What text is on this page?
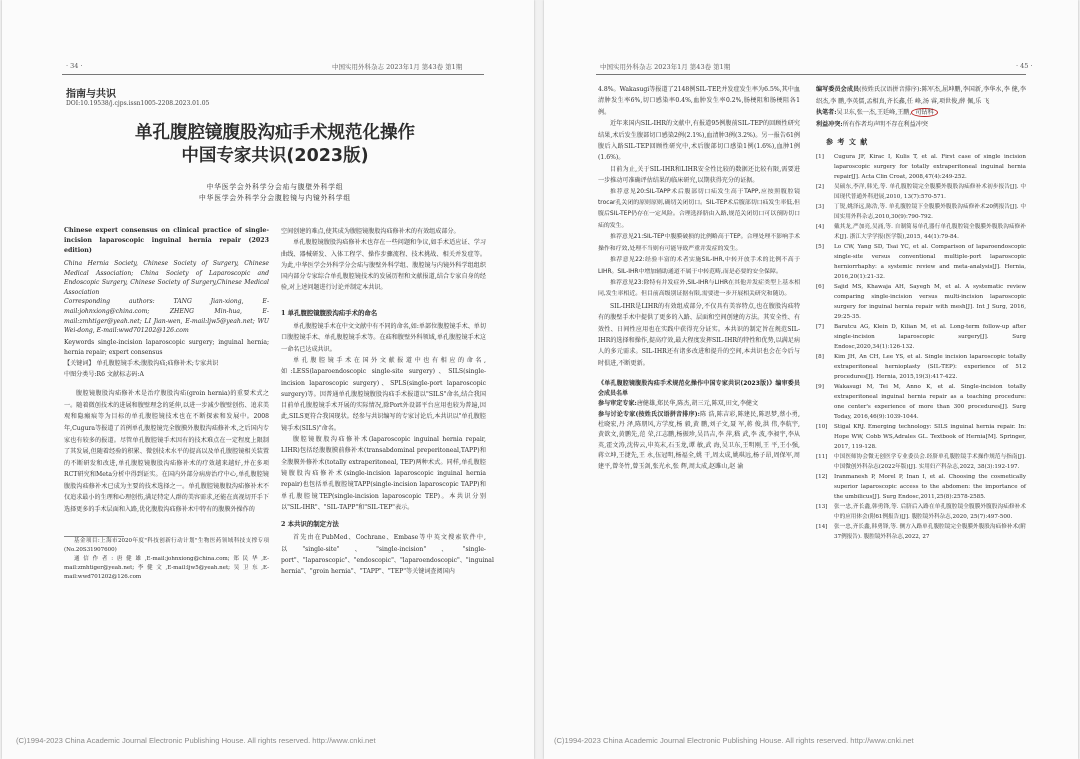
· 34 ·	中国实用外科杂志 2023年1月 第43卷 第1期
指南与共识
DOI:10.19538/j.cjps.issn1005-2208.2023.01.05
单孔腹腔镜腹股沟疝手术规范化操作
中国专家共识(2023版)
中华医学会外科学分会疝与腹壁外科学组
中华医学会外科学分会腹腔镜与内镜外科学组
Chinese expert consensus on clinical practice of single-incision laparoscopic inguinal hernia repair (2023 edition)
China Hernia Society, Chinese Society of Surgery, Chinese Medical Association; China Society of Laparoscopic and Endoscopic Surgery, Chinese Society of Surgery,Chinese Medical Association
Corresponding authors: TANG Jian-xiong, E-mail:johnxiong@china.com; ZHENG Min-hua, E-mail:zmhtiger@yeah.net; LI Jian-wen, E-mail:ljw5@yeah.net; WU Wei-dong, E-mail:wwd701202@126.com
Keywords single-incision laparoscopic surgery; inguinal hernia; hernia repair; expert consensus
【关键词】 单孔腹腔镜手术;腹股沟疝;疝修补术;专家共识
中图分类号:R6 文献标志码:A
腹腔镜腹股沟疝修补术是治疗腹股沟疝(groin hernia)的重要术式之一。随着微创技术的进展和腹壁理念的延伸,以进一步减少腹壁创伤、追求美观和隐瘢痕等为目标的单孔腹腔镜技术也在不断探索和发展中。2008年,Cugura等报道了首例单孔腹腔镜完全腹膜外腹股沟疝修补术,之后国内专家也有较多的报道。尽管单孔腹腔镜手术因有的技术难点在一定程度上限制了其发展,但随着经验的积累、微创技术水平的提高以及单孔腹腔镜相关装置的不断研发和改进,单孔腹腔镜腹股沟疝修补术的疗效越来越好,并在多项RCT研究和Meta分析中得到证实。在国内外部分病房治疗中心,单孔腹腔镜腹股沟疝修补术已成为主要的技术选择之一。单孔腹腔镜腹股沟疝修补术不仅追求最小的生理和心理创伤,满足特定人群的美容需求,还能在真视切开手下选择更多的手术层面和入路,优化腹股沟疝修补术中特有的腹膜外操作的
基金项目:上海市2020年度"科技创新行动计划"生物医药领域科技支撑专项(No.20S31907600)
通信作者:唐健雄,E-mail:johnxiong@china.com;郑民华,E-mail:zmhtiger@yeah.net;李健文,E-mail:ljw5@yeah.net;吴卫东,E-mail:wwd701202@126.com
空间创建的难点,使其成为腹腔镜腹股沟疝修补术的有效组成部分。
单孔腹腔镜腹股沟疝修补术也存在一些问题和争议,如手术适应证、学习曲线、器械研发、入体工程学、操作步骤流程、技术挑战、相关并发症等。为此,中华医学会外科学分会疝与腹壁外科学组、腹腔镜与内镜外科学组组织国内部分专家综合单孔腹腔镜技术的发展历程和文献报道,结合专家自身的经验,对上述问题进行讨论并制定本共识。
1 单孔腹腔镜腹股沟疝手术的命名
单孔腹腔镜手术在中文文献中有不同的命名,如:单部位腹腔镜手术、单切口腹腔镜手术、单孔腹腔镜手术等。在疝和腹壁外科领域,单孔腹腔镜手术这一命名已达成共识。
单孔腹腔镜手术在国外文献报道中也有相应的命名,如:LESS(laparoendoscopic single-site surgery)、SILS(single-incision laparoscopic surgery)、SPLS(single-port laparoscopic surgery)等。因普通单孔腹腔镜腹股沟疝手术报道以"SILS"命名,结合我国目前单孔腹腔镜手术开展的实际情况,除Port外设部平台应用也较为普遍,因此,SILS更符合我国现状。经参与共识编写的专家讨论后,本共识以"单孔腹腔镜手术(SILS)"命名。
腹腔镜腹股沟疝修补术(laparoscopic inguinal hernia repair, LIHR)包括经腹腹膜前修补术(transabdominal preperitoneal,TAPP)和全腹膜外修补术(totally extraperitoneal, TEP)两种术式。同样,单孔腹腔镜腹股沟疝修补术(single-incision laparoscopic inguinal hernia repair)也包括单孔腹腔镜TAPP(single-incision laparoscopic TAPP)和单孔腹腔镜TEP(single-incision laparoscopic TEP)。本共识分别以"SIL-IHR"、"SIL-TAPP"和"SIL-TEP"表示。
2 本共识的制定方法
首先由在PubMed、Cochrane、Embase等中英文搜索软件中,以"single-site"、"single-incision"、"single-port"、"laparoscopic"、"endoscopic"、"laparoendoscopic"、"inguinal hernia"、"groin hernia"、"TAPP"、"TEP"等关键词查阅国内
(C)1994-2023 China Academic Journal Electronic Publishing House. All rights reserved. http://www.cnki.net
中国实用外科杂志 2023年1月 第43卷 第1期	· 45 ·
4.8%。Wakasugi等报道了2148例SIL-TEP,并发症发生率为6.5%,其中血清肿发生率6%,切口感染率0.4%,血肿发生率0.2%,肠梗阻和肠梗阻各1例。
近年来国内SIL-IHR的文献中,有报道95例腹前SIL-TEP的回顾性研究结果,术后发生腹部切口感染2例(2.1%),血清肿3例(3.2%)。另一报告61例腹后入路SIL-TEP回顾性研究中,术后腹部切口感染1例(1.6%),血肿1例(1.6%)。
目前为止,关于SIL-IHR和LIHR安全性比较的数据还比较有限,需要进一步推动可准确评估结果的临床研究,以期获得充分的证据。
推荐意见20:SIL-TAPP术后腹部切口疝发生高于TAPP,应按照腹腔镜trocar孔关闭的原则原则,确切关闭切口。SIL-TEP术后腹部切口疝发生率低,但腹后SIL-TEP仍存在一定风险。合理选择脐由入路,规范关闭切口可以预防切口疝的发生。
推荐意见21:SIL-TEP中腹膜破损的比例略高于TEP。合理处理不影响手术操作和疗效,处理不当则有可能导致严重并发症的发生。
推荐意见22:经验丰富的术者实施SIL-IHR,中转开放手术的比例不高于LIHR。SIL-IHR中增加辅助通道不属于中转范畴,而是必要的安全保障。
推荐意见23:除特有并发症外,SIL-IHR与LIHR在其他并发症类型上基本相同,发生率相近。但目前高级别证据有限,需要进一步开展相关研究和随访。
SIL-IHR是LIHR的有效组成部分,不仅具有美容特点,也在腹股沟疝特有的腹壁手术中提供了更多的入路、层面和空间创建的方法。其安全性、有效性、日间性应用也在实践中获得充分证实。本共识的制定旨在规范SIL-IHR的选择和操作,提高疗效,最大程度发挥SIL-IHR的特性和优势,以满足病人的多元需求。SIL-IHR还有诸多改进和提升的空间,本共识也会在今后与时俱进,不断更新。
《单孔腹腔镜腹股沟疝手术规范化操作中国专家共识(2023版)》编审委员会成员名单
参与审定专家:唐健雄,郑民华,陈杰,胡三元,陈双,田文,李健文
参与讨论专家(按姓氏汉语拼音排序):陈 浩,陈吉彩,陈建民,陈思梦,蔡小勇,杜晓宏,丹 泽,陈朋风,方学度,杨 毅,黄 鹏,刘子文,聂 军,蒋 俊,洪 伟,李航宇,黄欲文,黄鹏先,范 荣,江志鹏,杨振珍,吴昌吉,李 萍,嵇 武,李 波,李昶宇,李从英,霍文涛,沈传云,申英末,石玉龙,谭 敏,武 海,吴卫东,王明刚,王 平,王小强,蒋立坤,王捷先,王 永,伍冠明,杨福全,姚 干,周太成,姚琪远,杨子昂,周保军,周建平,曾冬竹,曾玉剑,张光永,张 辉,周太成,赵雎山,赵 渝
编写委员会成员(按姓氏汉语拼音排序):陈军杰,屈坤鹏,李国新,李华水,李 健,李绍杰,李 鹏,李英儒,孟相真,齐长鑫,任 峰,汤 睿,项世俊,薛 佩,乐 飞
执笔者:吴卫东,张一杰,王廷峰,王鹏, 司钻科
利益冲突:所有作者均声明不存在利益冲突
参 考 文 献
[1]	Cugura JF, Kirac I, Kulis T, et al. First case of single incision laparoscopic surgery for totally extraperitoneal inguinal hernia repair[J]. Acta Clin Croat, 2008,47(4):249-252.
[2]	吴硕东,李洋,韩光,等. 单孔腹腔镜完全腹膜外腹股沟疝修补术初步报告[J]. 中国现代普通外科进展,2010, 13(7):570-571.
[3]	丁锐,姚泽远,陈浩,等. 单孔腹腔镜下全腹膜外腹股沟疝修补术20例报告[J]. 中国实用外科杂志,2010,30(9):790-792.
[4]	戴其龙,严加亮,吴涌,等. 自制简易单孔器行单孔腹腔镜全腹膜外腹股沟疝修补术[J]. 浙江大学学报(医学版),2015, 44(1):79-84.
[5]	Lo CW, Yang SD, Tsai YC, et al. Comparison of laparoendoscopic single-site versus conventional multiple-port laparoscopic herniorrhaphy: a systemic review and meta-analysis[J]. Hernia, 2016,20(1):21-32.
[6]	Sajid MS, Khawaja AH, Sayegh M, et al. A systematic review comparing single-incision versus multi-incision laparoscopic surgery for inguinal hernia repair with mesh[J]. Int J Surg, 2016, 29:25-35.
[7]	Barutcu AG, Klein D, Kilian M, et al. Long-term follow-up after single-incision laparoscopic surgery[J]. Surg Endosc,2020,34(1):126-132.
[8]	Kim JH, An CH, Lee YS, et al. Single incision laparoscopic totally extraperitoneal hernioplasty (SIL-TEP): experience of 512 procedures[J]. Hernia, 2015,19(3):417-422.
[9]	Wakasugi M, Tei M, Anno K, et al. Single-incision totally extraperitoneal inguinal hernia repair as a teaching procedure: one center's experience of more than 300 procedures[J]. Surg Today, 2016,46(9):1039-1044.
[10]	Stigal KRJ. Emerging technology: SILS inguinal hernia repair. In: Hope WW, Cobb WS,Adrales GL. Textbook of Hernia[M]. Springer, 2017, 119-128.
[11]	中国医师协会微无创医学专业委员会.经脐单孔腹腔镜手术操作规范与指南[J].中国微创外科杂志(2022年版)[J]. 实用妇产科杂志,2022, 38(3):192-197.
[12]	Iranmanesh P, Morel P, Inan I, et al. Choosing the cosmetically superior laparoscopic access to the abdomen: the importance of the umbilicus[J]. Surg Endosc,2011,25(8):2578-2585.
[13]	张一忠,齐长鑫,韩勇锋,等. 后脐后入路在单孔腹腔镜全腹膜外腹股沟疝修补术中的应用体会(附61例报告)[J]. 腹腔镜外科杂志,2020, 25(7):497-500.
[14]	张一忠,齐长鑫,韩勇锋,等. 侧方入路单孔腹腔镜完全腹膜外腹股沟疝修补术(附37例报告). 腹腔镜外科杂志,2022, 27
(C)1994-2023 China Academic Journal Electronic Publishing House. All rights reserved. http://www.cnki.net
